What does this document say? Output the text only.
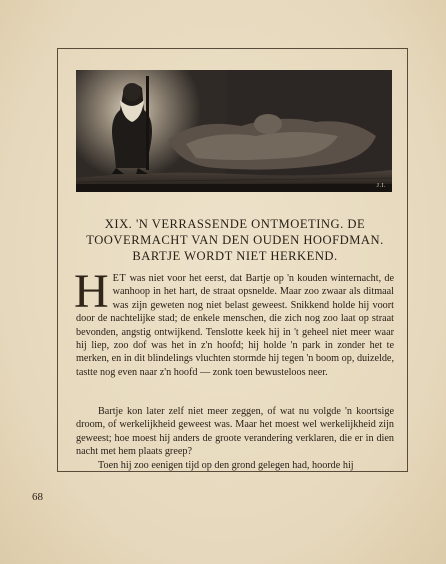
J.I.
XIX. 'N VERRASSENDE ONTMOETING. DE TOOVERMACHT VAN DEN OUDEN HOOFDMAN. BARTJE WORDT NIET HERKEND.
HET was niet voor het eerst, dat Bartje op 'n kouden winternacht, de wanhoop in het hart, de straat opsnelde. Maar zoo zwaar als ditmaal was zijn geweten nog niet belast geweest. Snikkend holde hij voort door de nachtelijke stad; de enkele menschen, die zich nog zoo laat op straat bevonden, angstig ontwijkend. Tenslotte keek hij in 't geheel niet meer waar hij liep, zoo dof was het in z'n hoofd; hij holde 'n park in zonder het te merken, en in dit blindelings vluchten stormde hij tegen 'n boom op, duizelde, tastte nog even naar z'n hoofd — zonk toen bewusteloos neer.
Bartje kon later zelf niet meer zeggen, of wat nu volgde 'n koortsige droom, of werkelijkheid geweest was. Maar het moest wel werkelijkheid zijn geweest; hoe moest hij anders de groote verandering verklaren, die er in dien nacht met hem plaats greep?
Toen hij zoo eenigen tijd op den grond gelegen had, hoorde hij
68
